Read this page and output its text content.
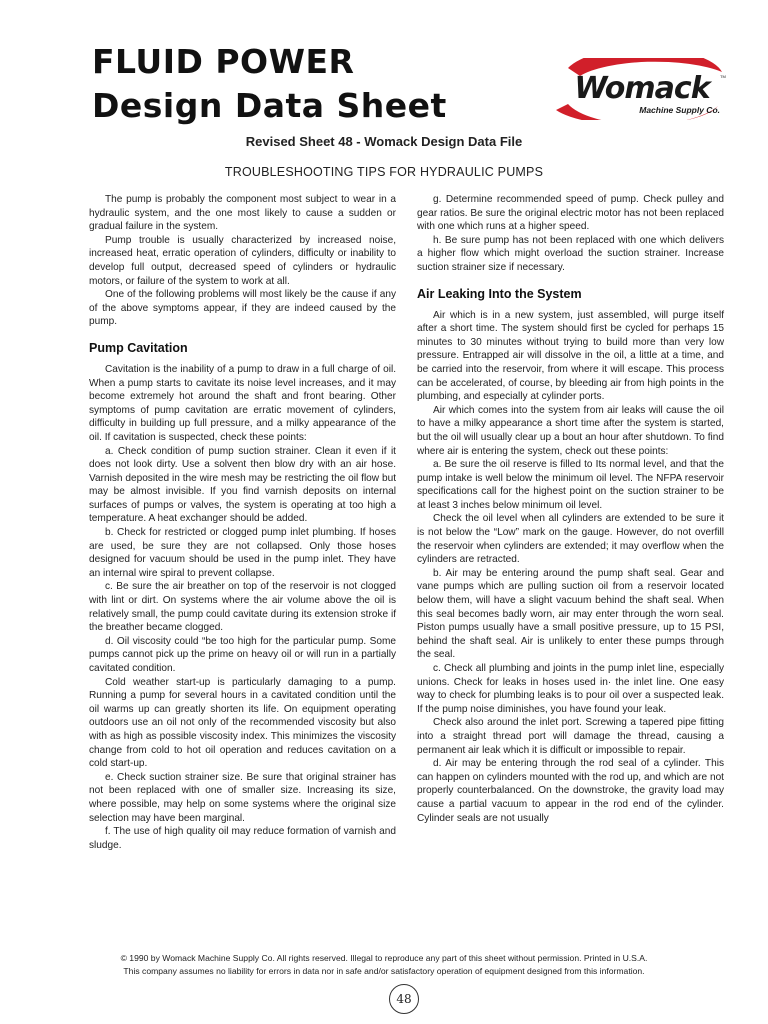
FLUID POWER
Design Data Sheet	Womack
Machine Supply Co.
TM
Revised Sheet 48 - Womack Design Data File
TROUBLESHOOTING TIPS FOR HYDRAULIC PUMPS

The pump is probably the component most subject to wear in a hydraulic system, and the one most likely to cause a sudden or gradual failure in the system.

Pump trouble is usually characterized by increased noise, increased heat, erratic operation of cylinders, difficulty or inability to develop full output, decreased speed of cylinders or hydraulic motors, or failure of the system to work at all.

One of the following problems will most likely be the cause if any of the above symptoms appear, if they are indeed caused by the pump.

Pump Cavitation

Cavitation is the inability of a pump to draw in a full charge of oil. When a pump starts to cavitate its noise level increases, and it may become extremely hot around the shaft and front bearing. Other symptoms of pump cavitation are erratic movement of cylinders, difficulty in building up full pressure, and a milky appearance of the oil. If cavitation is suspected, check these points:

a. Check condition of pump suction strainer. Clean it even if it does not look dirty. Use a solvent then blow dry with an air hose. Varnish deposited in the wire mesh may be restricting the oil flow but may be almost invisible. If you find varnish deposits on internal surfaces of pumps or valves, the system is operating at too high a temperature. A heat exchanger should be added.

b. Check for restricted or clogged pump inlet plumbing. If hoses are used, be sure they are not collapsed. Only those hoses designed for vacuum should be used in the pump inlet. They have an internal wire spiral to prevent collapse.

c. Be sure the air breather on top of the reservoir is not clogged with lint or dirt. On systems where the air volume above the oil is relatively small, the pump could cavitate during its extension stroke if the breather became clogged.

d. Oil viscosity could “be too high for the particular pump. Some pumps cannot pick up the prime on heavy oil or will run in a partially cavitated condition.

Cold weather start-up is particularly damaging to a pump. Running a pump for several hours in a cavitated condition until the oil warms up can greatly shorten its life. On equipment operating outdoors use an oil not only of the recommended viscosity but also with as high as possible viscosity index. This minimizes the viscosity change from cold to hot oil operation and reduces cavitation on a cold start-up.

e. Check suction strainer size. Be sure that original strainer has not been replaced with one of smaller size. Increasing its size, where possible, may help on some systems where the original size selection may have been marginal.

f. The use of high quality oil may reduce formation of varnish and sludge.

g. Determine recommended speed of pump. Check pulley and gear ratios. Be sure the original electric motor has not been replaced with one which runs at a higher speed.

h. Be sure pump has not been replaced with one which delivers a higher flow which might overload the suction strainer. Increase suction strainer size if necessary.

Air Leaking Into the System

Air which is in a new system, just assembled, will purge itself after a short time. The system should first be cycled for perhaps 15 minutes to 30 minutes without trying to build more than very low pressure. Entrapped air will dissolve in the oil, a little at a time, and be carried into the reservoir, from where it will escape. This process can be accelerated, of course, by bleeding air from high points in the plumbing, and especially at cylinder ports.

Air which comes into the system from air leaks will cause the oil to have a milky appearance a short time after the system is started, but the oil will usually clear up a bout an hour after shutdown. To find where air is entering the system, check out these points:

a. Be sure the oil reserve is filled to Its normal level, and that the pump intake is well below the minimum oil level. The NFPA reservoir specifications call for the highest point on the suction strainer to be at least 3 inches below minimum oil level.

Check the oil level when all cylinders are extended to be sure it is not below the “Low” mark on the gauge. However, do not overfill the reservoir when cylinders are extended; it may overflow when the cylinders are retracted.

b. Air may be entering around the pump shaft seal. Gear and vane pumps which are pulling suction oil from a reservoir located below them, will have a slight vacuum behind the shaft seal. When this seal becomes badly worn, air may enter through the worn seal. Piston pumps usually have a small positive pressure, up to 15 PSI, behind the shaft seal. Air is unlikely to enter these pumps through the seal.

c. Check all plumbing and joints in the pump inlet line, especially unions. Check for leaks in hoses used in· the inlet line. One easy way to check for plumbing leaks is to pour oil over a suspected leak. If the pump noise diminishes, you have found your leak.

Check also around the inlet port. Screwing a tapered pipe fitting into a straight thread port will damage the thread, causing a permanent air leak which it is difficult or impossible to repair.

d. Air may be entering through the rod seal of a cylinder. This can happen on cylinders mounted with the rod up, and which are not properly counterbalanced. On the downstroke, the gravity load may cause a partial vacuum to appear in the rod end of the cylinder. Cylinder seals are not usually

© 1990 by Womack Machine Supply Co. All rights reserved. Illegal to reproduce any part of this sheet without permission. Printed in U.S.A.
This company assumes no liability for errors in data nor in safe and/or satisfactory operation of equipment designed from this information.
48
